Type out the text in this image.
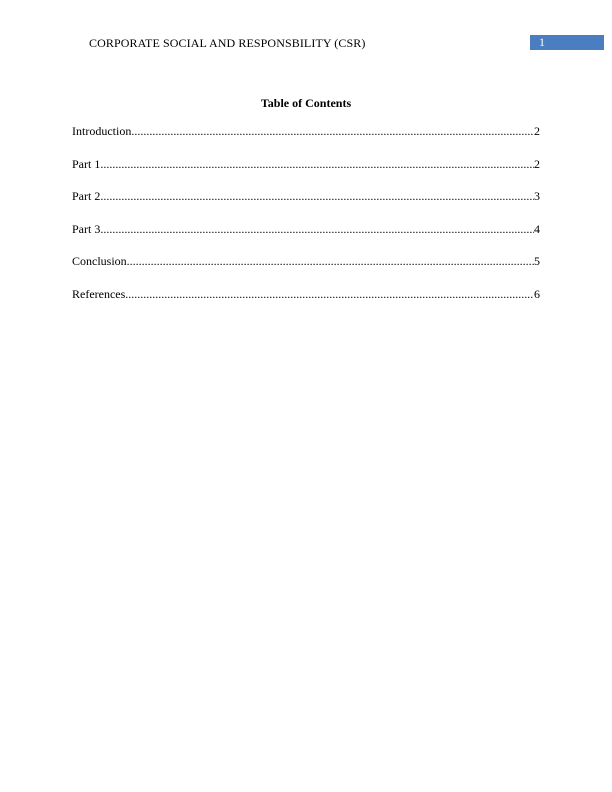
CORPORATE SOCIAL AND RESPONSBILITY (CSR)	1
Table of Contents
Introduction .....	2
Part 1 .....	2
Part 2 .....	3
Part 3 .....	4
Conclusion .....	5
References .....	6
